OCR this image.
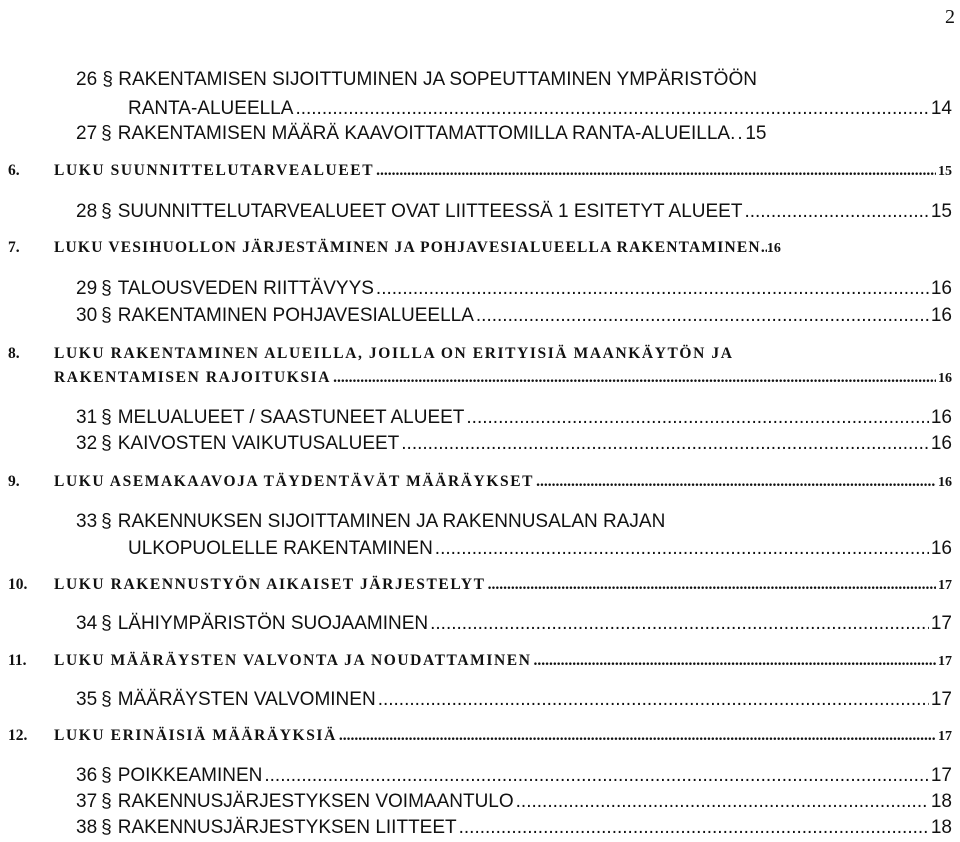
2
26 § RAKENTAMISEN SIJOITTUMINEN JA SOPEUTTAMINEN YMPÄRISTÖÖN
RANTA-ALUEELLA .....	14
27 § RAKENTAMISEN MÄÄRÄ KAAVOITTAMATTOMILLA RANTA-ALUEILLA. ..... 15
6. LUKU SUUNNITTELUTARVEALUEET .....	15
28 § SUUNNITTELUTARVEALUEET OVAT LIITTEESSÄ 1 ESITETYT ALUEET .....	15
7. LUKU VESIHUOLLON JÄRJESTÄMINEN JA POHJAVESIALUEELLA RAKENTAMINEN ..... 16
29 § TALOUSVEDEN RIITTÄVYYS .....	16
30 § RAKENTAMINEN POHJAVESIALUEELLA .....	16
8. LUKU RAKENTAMINEN ALUEILLA, JOILLA ON ERITYISIÄ MAANKÄYTÖN JA
RAKENTAMISEN RAJOITUKSIA .....	16
31 § MELUALUEET / SAASTUNEET ALUEET .....	16
32 § KAIVOSTEN VAIKUTUSALUEET .....	16
9. LUKU ASEMAKAAVOJA TÄYDENTÄVÄT MÄÄRÄYKSET .....	16
33 § RAKENNUKSEN SIJOITTAMINEN JA RAKENNUSALAN RAJAN
ULKOPUOLELLE RAKENTAMINEN .....	16
10. LUKU RAKENNUSTYÖN AIKAISET JÄRJESTELYT .....	17
34 § LÄHIYMPÄRISTÖN SUOJAAMINEN .....	17
11. LUKU MÄÄRÄYSTEN VALVONTA JA NOUDATTAMINEN .....	17
35 § MÄÄRÄYSTEN VALVOMINEN .....	17
12. LUKU ERINÄISIÄ MÄÄRÄYKSIÄ .....	17
36 § POIKKEAMINEN .....	17
37 § RAKENNUSJÄRJESTYKSEN VOIMAANTULO .....	18
38 § RAKENNUSJÄRJESTYKSEN LIITTEET .....	18
